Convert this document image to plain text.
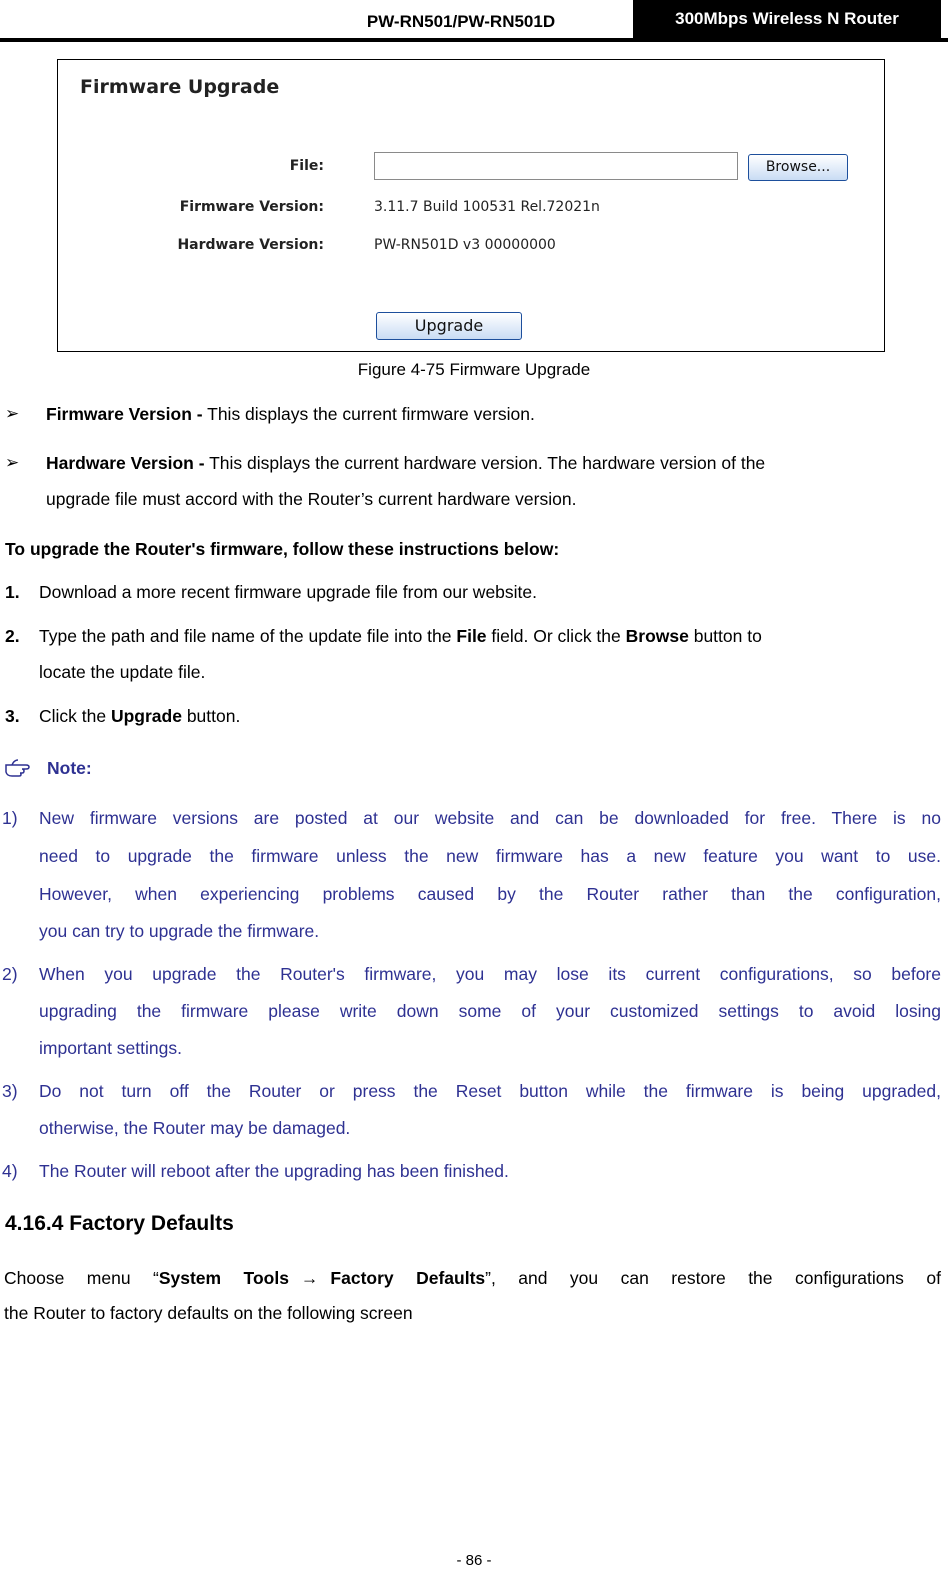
PW-RN501/PW-RN501D	300Mbps Wireless N Router
Firmware Upgrade
File:	Browse...
Firmware Version:	3.11.7 Build 100531 Rel.72021n
Hardware Version:	PW-RN501D v3 00000000
Upgrade
Figure 4-75 Firmware Upgrade
➢ Firmware Version - This displays the current firmware version.
➢ Hardware Version - This displays the current hardware version. The hardware version of the
upgrade file must accord with the Router’s current hardware version.
To upgrade the Router's firmware, follow these instructions below:
1. Download a more recent firmware upgrade file from our website.
2. Type the path and file name of the update file into the File field. Or click the Browse button to
locate the update file.
3. Click the Upgrade button.
Note:
1) New firmware versions are posted at our website and can be downloaded for free. There is no
need to upgrade the firmware unless the new firmware has a new feature you want to use.
However, when experiencing problems caused by the Router rather than the configuration,
you can try to upgrade the firmware.
2) When you upgrade the Router's firmware, you may lose its current configurations, so before
upgrading the firmware please write down some of your customized settings to avoid losing
important settings.
3) Do not turn off the Router or press the Reset button while the firmware is being upgraded,
otherwise, the Router may be damaged.
4) The Router will reboot after the upgrading has been finished.
4.16.4 Factory Defaults
Choose menu “System Tools → Factory Defaults”, and you can restore the configurations of
the Router to factory defaults on the following screen
- 86 -
